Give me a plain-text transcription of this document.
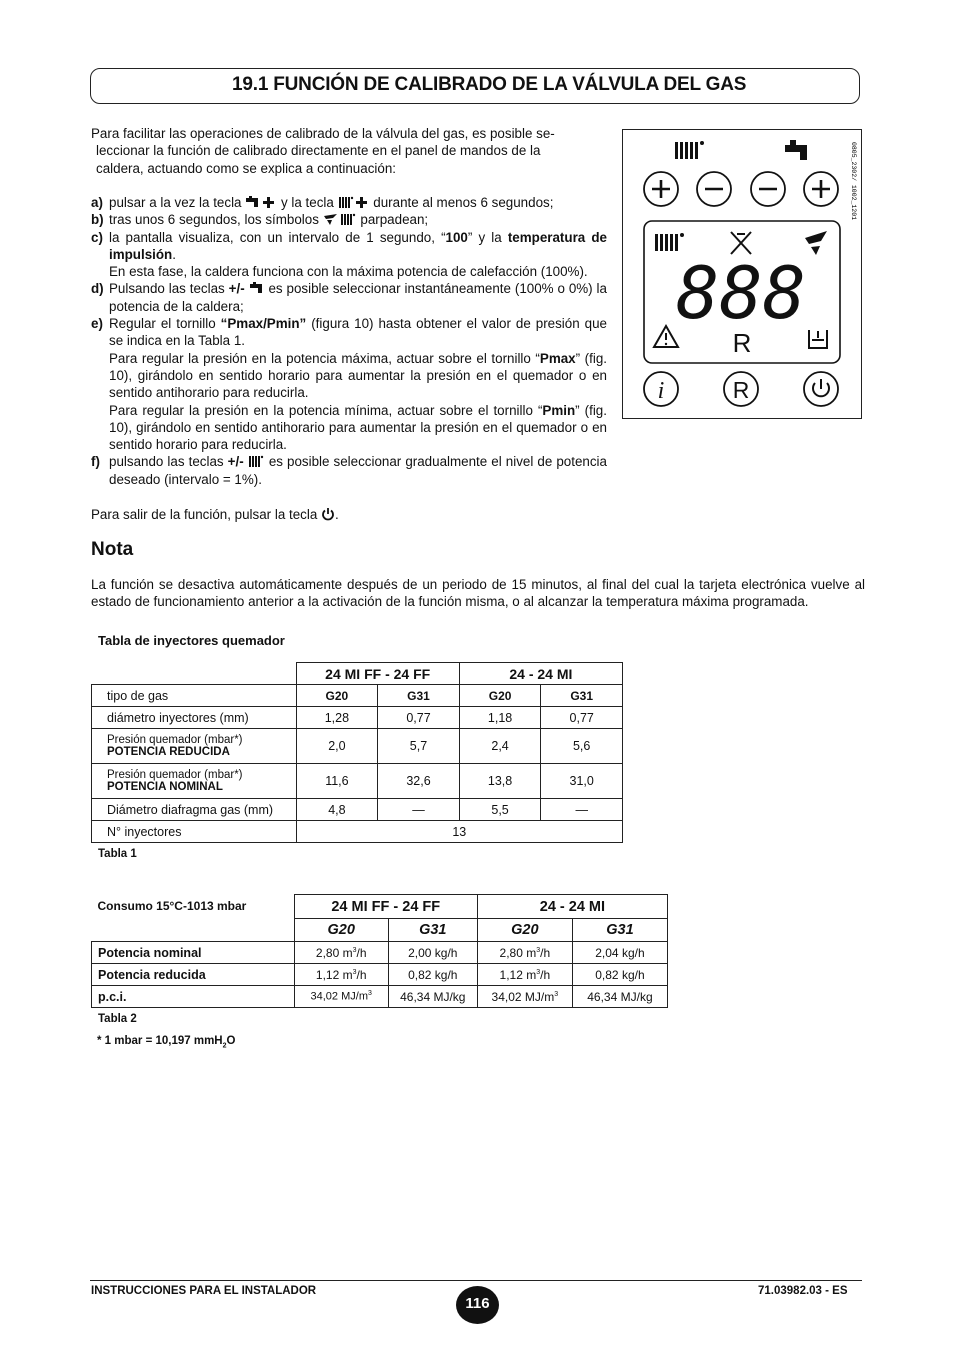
19.1 FUNCIÓN DE CALIBRADO DE LA VÁLVULA DEL GAS
Para facilitar las operaciones de calibrado de la válvula del gas, es posible se-
leccionar la función de calibrado directamente en el panel de mandos de la
caldera, actuando como se explica a continuación:
a) pulsar a la vez la tecla	y la tecla	durante al menos 6 segundos;
b) tras unos 6 segundos, los símbolos	parpadean;
c) la pantalla visualiza, con un intervalo de 1 segundo, “100” y la temperatura de impulsión.
En esta fase, la caldera funciona con la máxima potencia de calefacción (100%).
d) Pulsando las teclas +/- es posible seleccionar instantáneamente (100% o 0%) la potencia de la caldera;
e) Regular el tornillo “Pmax/Pmin” (figura 10) hasta obtener el valor de presión que se indica en la Tabla 1.
Para regular la presión en la potencia máxima, actuar sobre el tornillo “Pmax” (fig. 10), girándolo en sentido horario para aumentar la presión en el quemador o en sentido antihorario para reducirla.
Para regular la presión en la potencia mínima, actuar sobre el tornillo “Pmin” (fig. 10), girándolo en sentido antihorario para aumentar la presión en el quemador o en sentido horario para reducirla.
f) pulsando las teclas +/- es posible seleccionar gradualmente el nivel de potencia deseado (intervalo = 1%).
Para salir de la función, pulsar la tecla .
Nota
La función se desactiva automáticamente después de un periodo de 15 minutos, al final del cual la tarjeta electrónica vuelve al estado de funcionamiento anterior a la activación de la función misma, o al alcanzar la temperatura máxima programada.
0805_2302/ 1002_1201
888
R
i	R
Tabla de inyectores quemador
	24 MI FF - 24 FF		24 - 24 MI	
tipo de gas	G20	G31	G20	G31
diámetro inyectores (mm)	1,28	0,77	1,18	0,77

Presión quemador (mbar*)
POTENCIA REDUCIDA	2,0	5,7	2,4	5,6

Presión quemador (mbar*)
POTENCIA NOMINAL	11,6	32,6	13,8	31,0
Diámetro diafragma gas (mm)	4,8	—	5,5	—
N° inyectores	13			
Tabla 1
Consumo 15°C-1013 mbar	24 MI FF - 24 FF		24 - 24 MI	
	G20	G31	G20	G31
Potencia nominal	2,80 $m^3/h$	2,00 kg/h	2,80 $m^3/h$	2,04 kg/h
Potencia reducida	1,12 $m^3/h$	0,82 kg/h	1,12 $m^3/h$	0,82 kg/h
p.c.i.	34,02 $MJ/m^3$	46,34 MJ/kg	34,02 $MJ/m^3$	46,34 MJ/kg
Tabla 2
* 1 mbar = 10,197 mmH$_2$O
INSTRUCCIONES PARA EL INSTALADOR
116
71.03982.03 - ES
